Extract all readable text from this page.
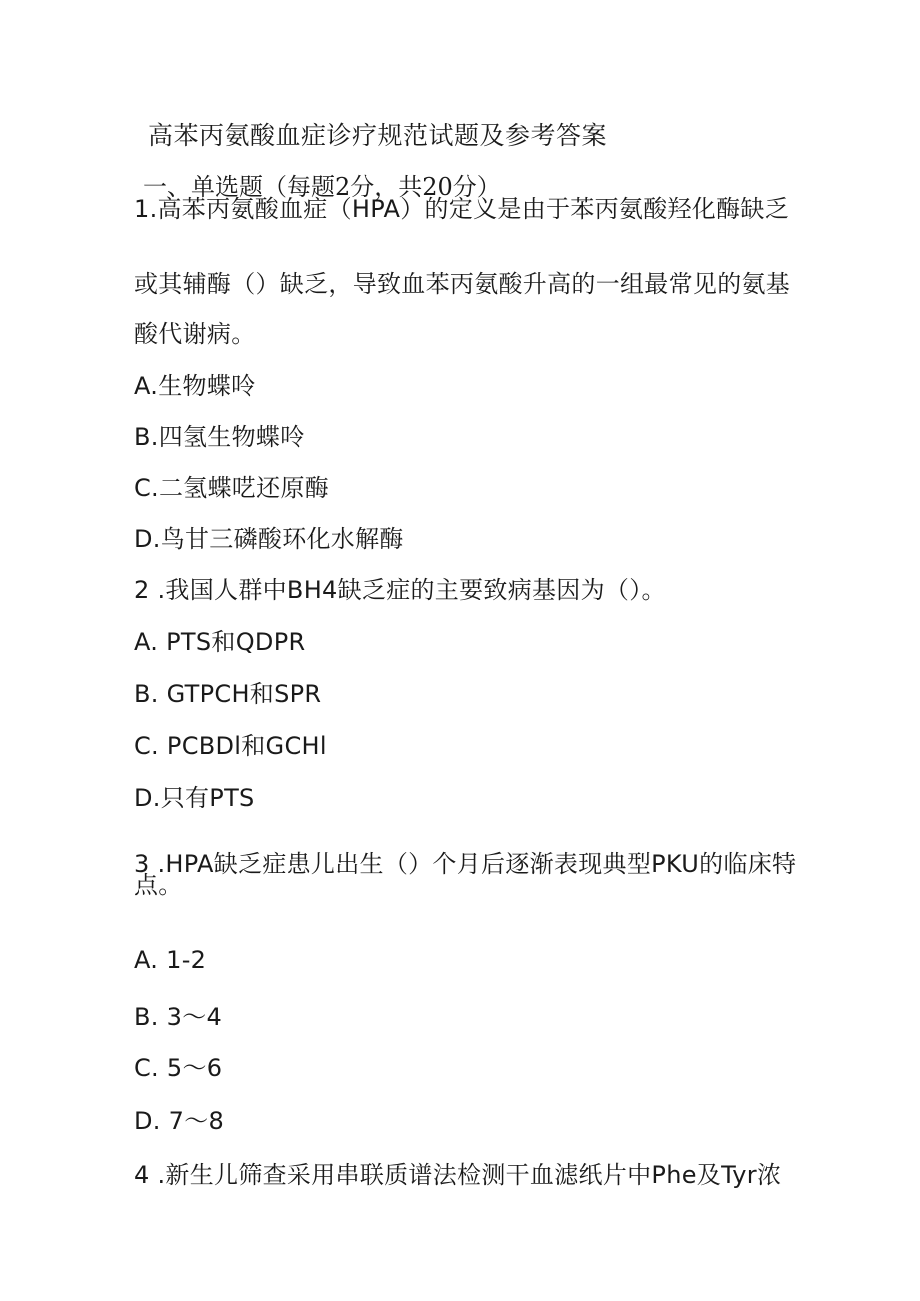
高苯丙氨酸血症诊疗规范试题及参考答案
一、单选题（每题2分，共20分）
1.高苯丙氨酸血症（HPA）的定义是由于苯丙氨酸羟化酶缺乏
或其辅酶（）缺乏，导致血苯丙氨酸升高的一组最常见的氨基
酸代谢病。
A.生物蝶呤
B.四氢生物蝶呤
C.二氢蝶呓还原酶
D.鸟甘三磷酸环化水解酶
2 .我国人群中BH4缺乏症的主要致病基因为（）。
A. PTS和QDPR
B. GTPCH和SPR
C. PCBDl和GCHl
D.只有PTS
3 .HPA缺乏症患儿出生（）个月后逐渐表现典型PKU的临床特
点。
A. 1-2
B. 3〜4
C. 5〜6
D. 7〜8
4 .新生儿筛查采用串联质谱法检测干血滤纸片中Phe及Tyr浓
